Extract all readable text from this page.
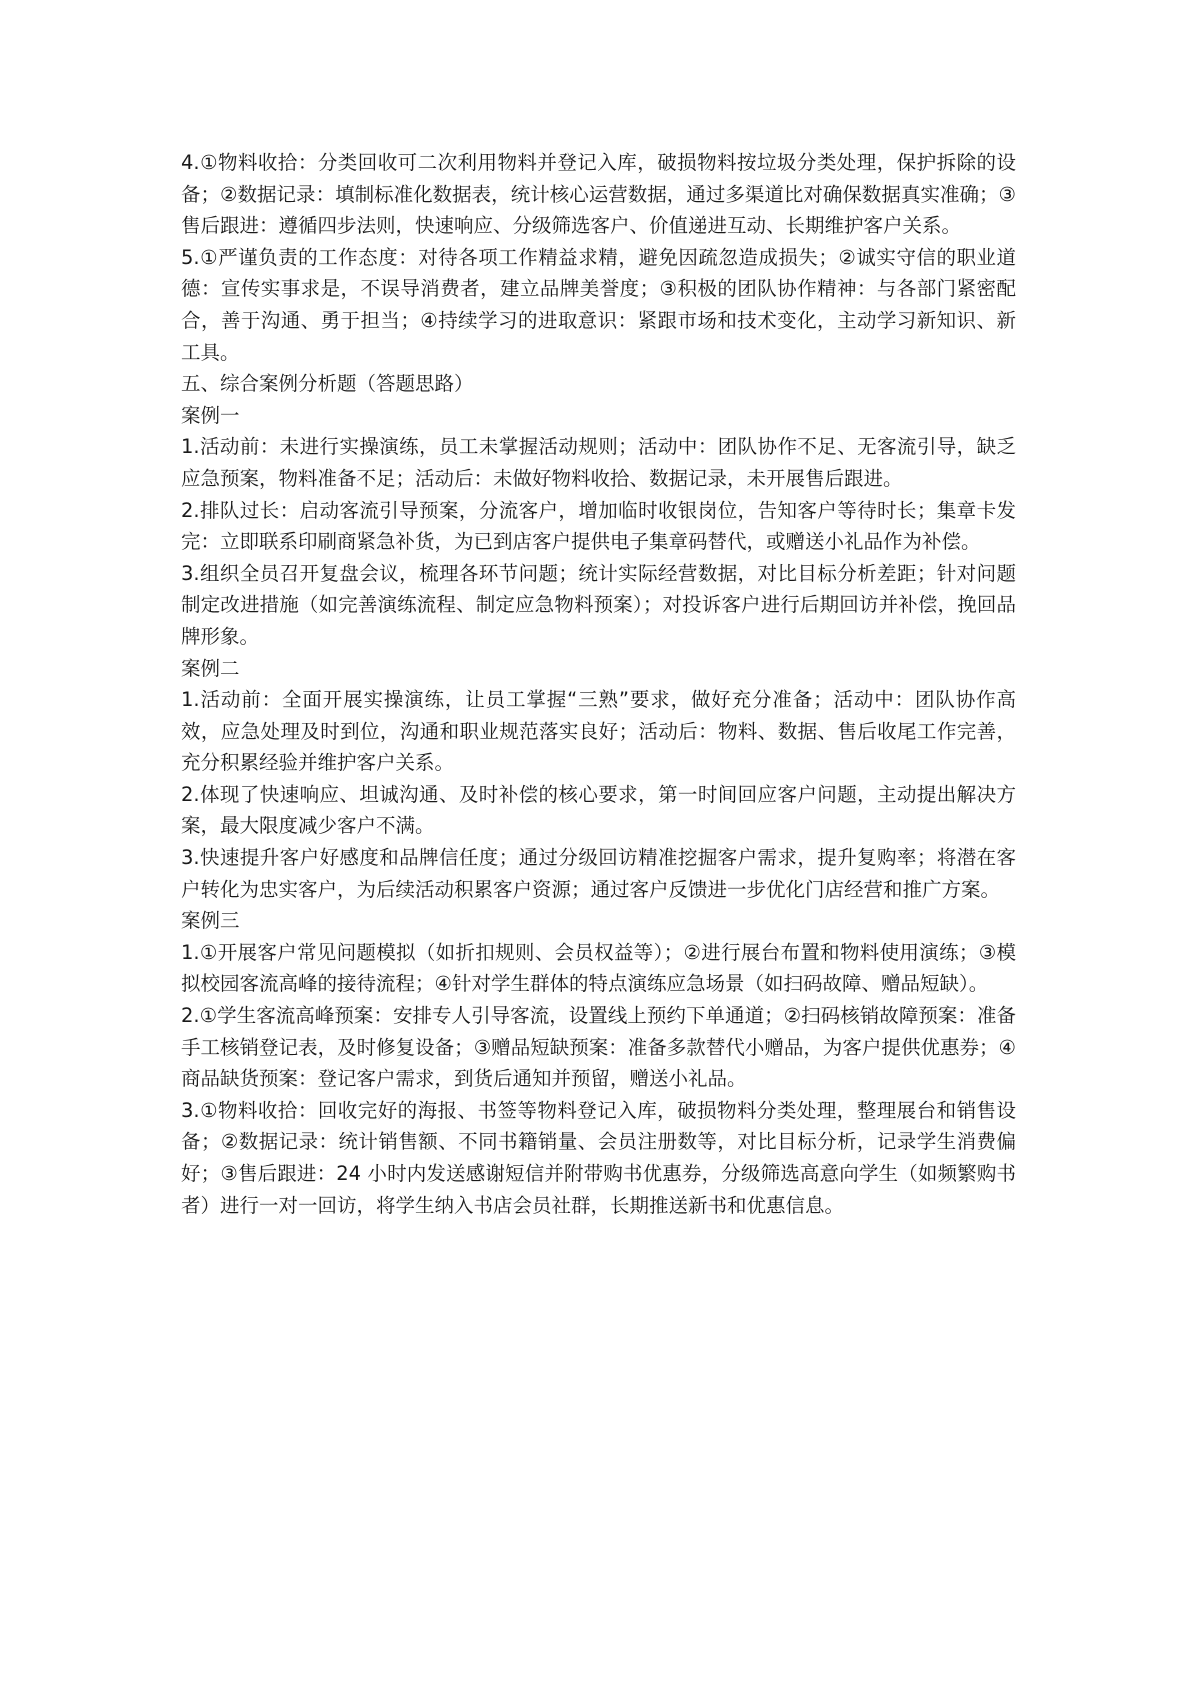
4.①物料收拾：分类回收可二次利用物料并登记入库，破损物料按垃圾分类处理，保护拆除的设备；②数据记录：填制标准化数据表，统计核心运营数据，通过多渠道比对确保数据真实准确；③售后跟进：遵循四步法则，快速响应、分级筛选客户、价值递进互动、长期维护客户关系。

5.①严谨负责的工作态度：对待各项工作精益求精，避免因疏忽造成损失；②诚实守信的职业道德：宣传实事求是，不误导消费者，建立品牌美誉度；③积极的团队协作精神：与各部门紧密配合，善于沟通、勇于担当；④持续学习的进取意识：紧跟市场和技术变化，主动学习新知识、新工具。

五、综合案例分析题（答题思路）

案例一

1.活动前：未进行实操演练，员工未掌握活动规则；活动中：团队协作不足、无客流引导，缺乏应急预案，物料准备不足；活动后：未做好物料收拾、数据记录，未开展售后跟进。

2.排队过长：启动客流引导预案，分流客户，增加临时收银岗位，告知客户等待时长；集章卡发完：立即联系印刷商紧急补货，为已到店客户提供电子集章码替代，或赠送小礼品作为补偿。

3.组织全员召开复盘会议，梳理各环节问题；统计实际经营数据，对比目标分析差距；针对问题制定改进措施（如完善演练流程、制定应急物料预案）；对投诉客户进行后期回访并补偿，挽回品牌形象。

案例二

1.活动前：全面开展实操演练，让员工掌握“三熟”要求，做好充分准备；活动中：团队协作高效，应急处理及时到位，沟通和职业规范落实良好；活动后：物料、数据、售后收尾工作完善，充分积累经验并维护客户关系。

2.体现了快速响应、坦诚沟通、及时补偿的核心要求，第一时间回应客户问题，主动提出解决方案，最大限度减少客户不满。

3.快速提升客户好感度和品牌信任度；通过分级回访精准挖掘客户需求，提升复购率；将潜在客户转化为忠实客户，为后续活动积累客户资源；通过客户反馈进一步优化门店经营和推广方案。

案例三

1.①开展客户常见问题模拟（如折扣规则、会员权益等）；②进行展台布置和物料使用演练；③模拟校园客流高峰的接待流程；④针对学生群体的特点演练应急场景（如扫码故障、赠品短缺）。

2.①学生客流高峰预案：安排专人引导客流，设置线上预约下单通道；②扫码核销故障预案：准备手工核销登记表，及时修复设备；③赠品短缺预案：准备多款替代小赠品，为客户提供优惠券；④商品缺货预案：登记客户需求，到货后通知并预留，赠送小礼品。

3.①物料收拾：回收完好的海报、书签等物料登记入库，破损物料分类处理，整理展台和销售设备；②数据记录：统计销售额、不同书籍销量、会员注册数等，对比目标分析，记录学生消费偏好；③售后跟进：24 小时内发送感谢短信并附带购书优惠券，分级筛选高意向学生（如频繁购书者）进行一对一回访，将学生纳入书店会员社群，长期推送新书和优惠信息。
